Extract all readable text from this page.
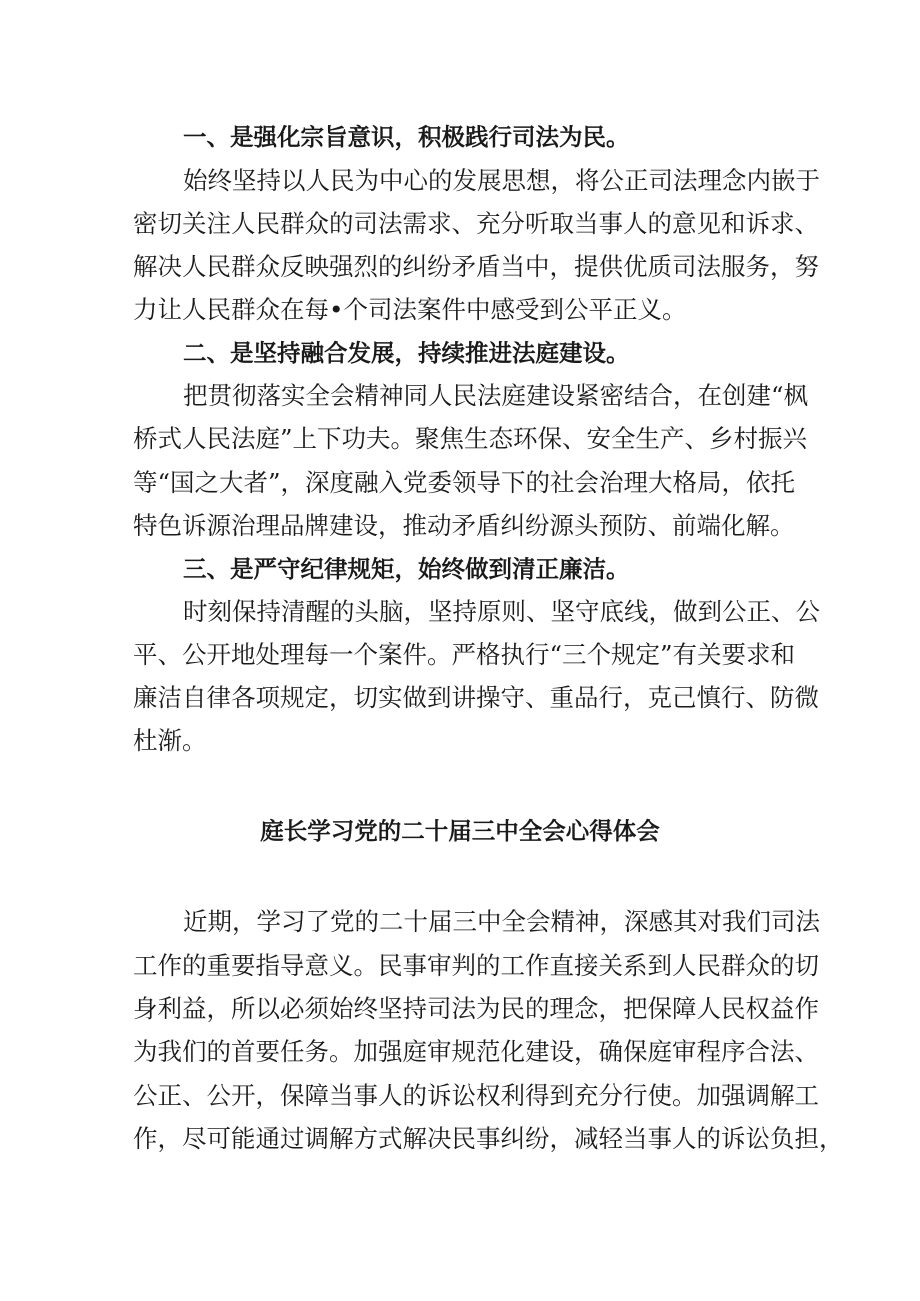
一、是强化宗旨意识，积极践行司法为民。

始终坚持以人民为中心的发展思想，将公正司法理念内嵌于

密切关注人民群众的司法需求、充分听取当事人的意见和诉求、

解决人民群众反映强烈的纠纷矛盾当中，提供优质司法服务，努

力让人民群众在每•个司法案件中感受到公平正义。

二、是坚持融合发展，持续推进法庭建设。

把贯彻落实全会精神同人民法庭建设紧密结合，在创建“枫

桥式人民法庭”上下功夫。聚焦生态环保、安全生产、乡村振兴

等“国之大者”，深度融入党委领导下的社会治理大格局，依托

特色诉源治理品牌建设，推动矛盾纠纷源头预防、前端化解。

三、是严守纪律规矩，始终做到清正廉洁。

时刻保持清醒的头脑，坚持原则、坚守底线，做到公正、公

平、公开地处理每一个案件。严格执行“三个规定”有关要求和

廉洁自律各项规定，切实做到讲操守、重品行，克己慎行、防微

杜渐。

庭长学习党的二十届三中全会心得体会

近期，学习了党的二十届三中全会精神，深感其对我们司法

工作的重要指导意义。民事审判的工作直接关系到人民群众的切

身利益，所以必须始终坚持司法为民的理念，把保障人民权益作

为我们的首要任务。加强庭审规范化建设，确保庭审程序合法、

公正、公开，保障当事人的诉讼权利得到充分行使。加强调解工

作，尽可能通过调解方式解决民事纠纷，减轻当事人的诉讼负担，
